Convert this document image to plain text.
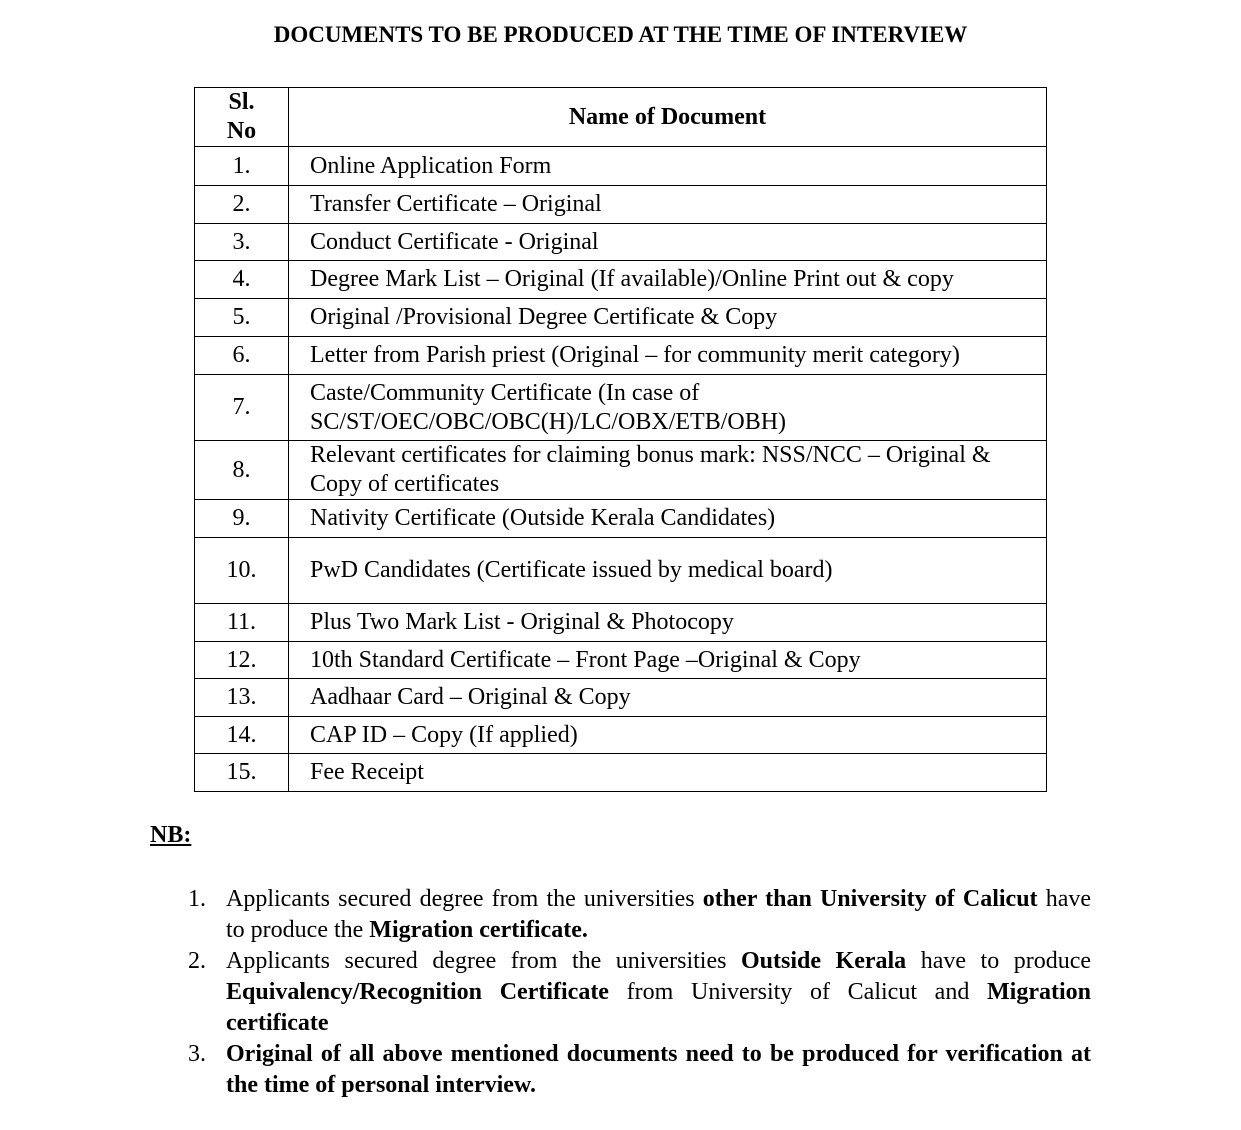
DOCUMENTS TO BE PRODUCED AT THE TIME OF INTERVIEW
Sl.
No	Name of Document
1.	Online Application Form
2.	Transfer Certificate – Original
3.	Conduct Certificate - Original
4.	Degree Mark List – Original (If available)/Online Print out & copy
5.	Original /Provisional Degree Certificate & Copy
6.	Letter from Parish priest (Original – for community merit category)
7.	Caste/Community Certificate (In case of SC/ST/OEC/OBC/OBC(H)/LC/OBX/ETB/OBH)
8.	Relevant certificates for claiming bonus mark: NSS/NCC – Original & Copy of certificates
9.	Nativity Certificate (Outside Kerala Candidates)
10.	PwD Candidates (Certificate issued by medical board)
11.	Plus Two Mark List - Original & Photocopy
12.	10th Standard Certificate – Front Page –Original & Copy
13.	Aadhaar Card – Original & Copy
14.	CAP ID – Copy (If applied)
15.	Fee Receipt
NB:
1. Applicants secured degree from the universities other than University of Calicut have to produce the Migration certificate.
2. Applicants secured degree from the universities Outside Kerala have to produce Equivalency/Recognition Certificate from University of Calicut and Migration certificate
3. Original of all above mentioned documents need to be produced for verification at the time of personal interview.
